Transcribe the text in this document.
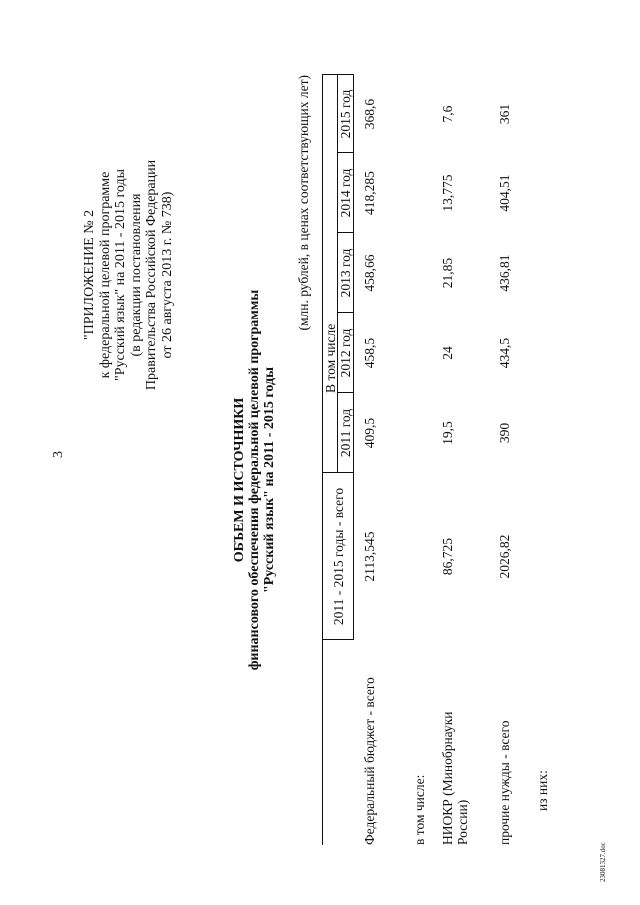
3
23081327.doc
"ПРИЛОЖЕНИЕ № 2 к федеральной целевой программе "Русский язык" на 2011 - 2015 годы (в редакции постановления Правительства Российской Федерации от 26 августа 2013 г. № 738)
ОБЪЕМ И ИСТОЧНИКИ финансового обеспечения федеральной целевой программы "Русский язык" на 2011 - 2015 годы
(млн. рублей, в ценах соответствующих лет)
	2011 - 2015 годы - всего		В том числе			
		2011 год	2012 год	2013 год	2014 год	2015 год
Федеральный бюджет - всего	2113,545	409,5	458,5	458,66	418,285	368,6
в том числе:						
НИОКР (Минобрнауки России)	86,725	19,5	24	21,85	13,775	7,6
прочие нужды - всего	2026,82	390	434,5	436,81	404,51	361
из них:						
